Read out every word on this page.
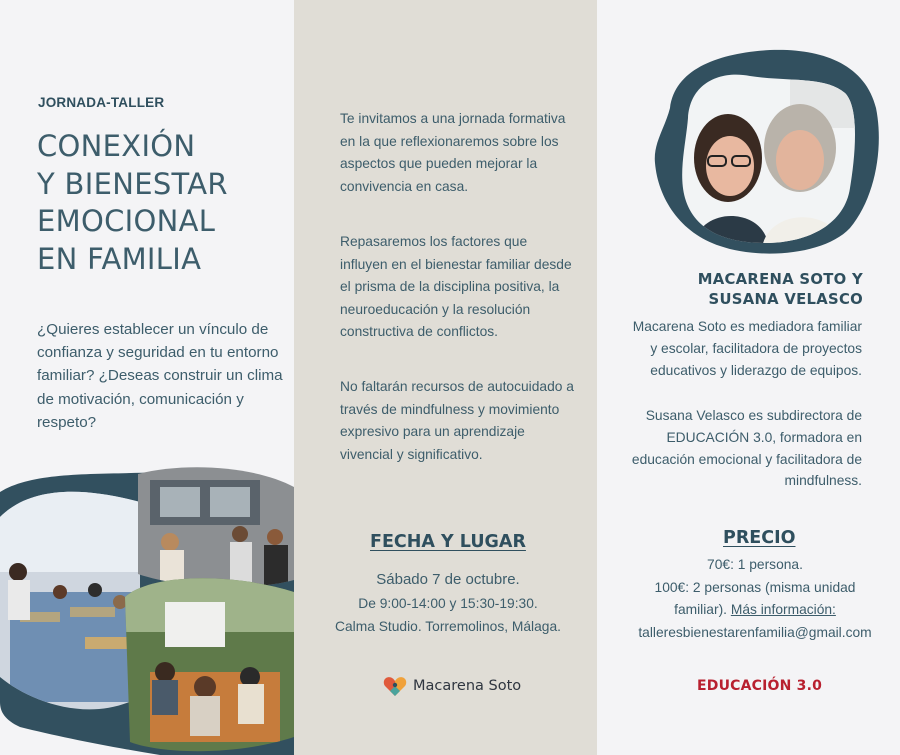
JORNADA-TALLER
CONEXIÓN
Y BIENESTAR
EMOCIONAL
EN FAMILIA
¿Quieres establecer un vínculo de confianza y seguridad en tu entorno familiar? ¿Deseas construir un clima de motivación, comunicación y respeto?
Te invitamos a una jornada formativa en la que reflexionaremos sobre los aspectos que pueden mejorar la convivencia en casa.
Repasaremos los factores que influyen en el bienestar familiar desde el prisma de la disciplina positiva, la neuroeducación y la resolución constructiva de conflictos.
No faltarán recursos de autocuidado a través de mindfulness y movimiento expresivo para un aprendizaje vivencial y significativo.
FECHA Y LUGAR
Sábado 7 de octubre.
De 9:00-14:00 y 15:30-19:30.
Calma Studio. Torremolinos, Málaga.
Macarena Soto
MACARENA SOTO Y
SUSANA VELASCO
Macarena Soto es mediadora familiar y escolar, facilitadora de proyectos educativos y liderazgo de equipos.
Susana Velasco es subdirectora de EDUCACIÓN 3.0, formadora en educación emocional y facilitadora de mindfulness.
PRECIO
70€: 1 persona.
100€: 2 personas (misma unidad
familiar). Más información:
talleresbienestarenfamilia@gmail.com
EDUCACIÓN 3.0
